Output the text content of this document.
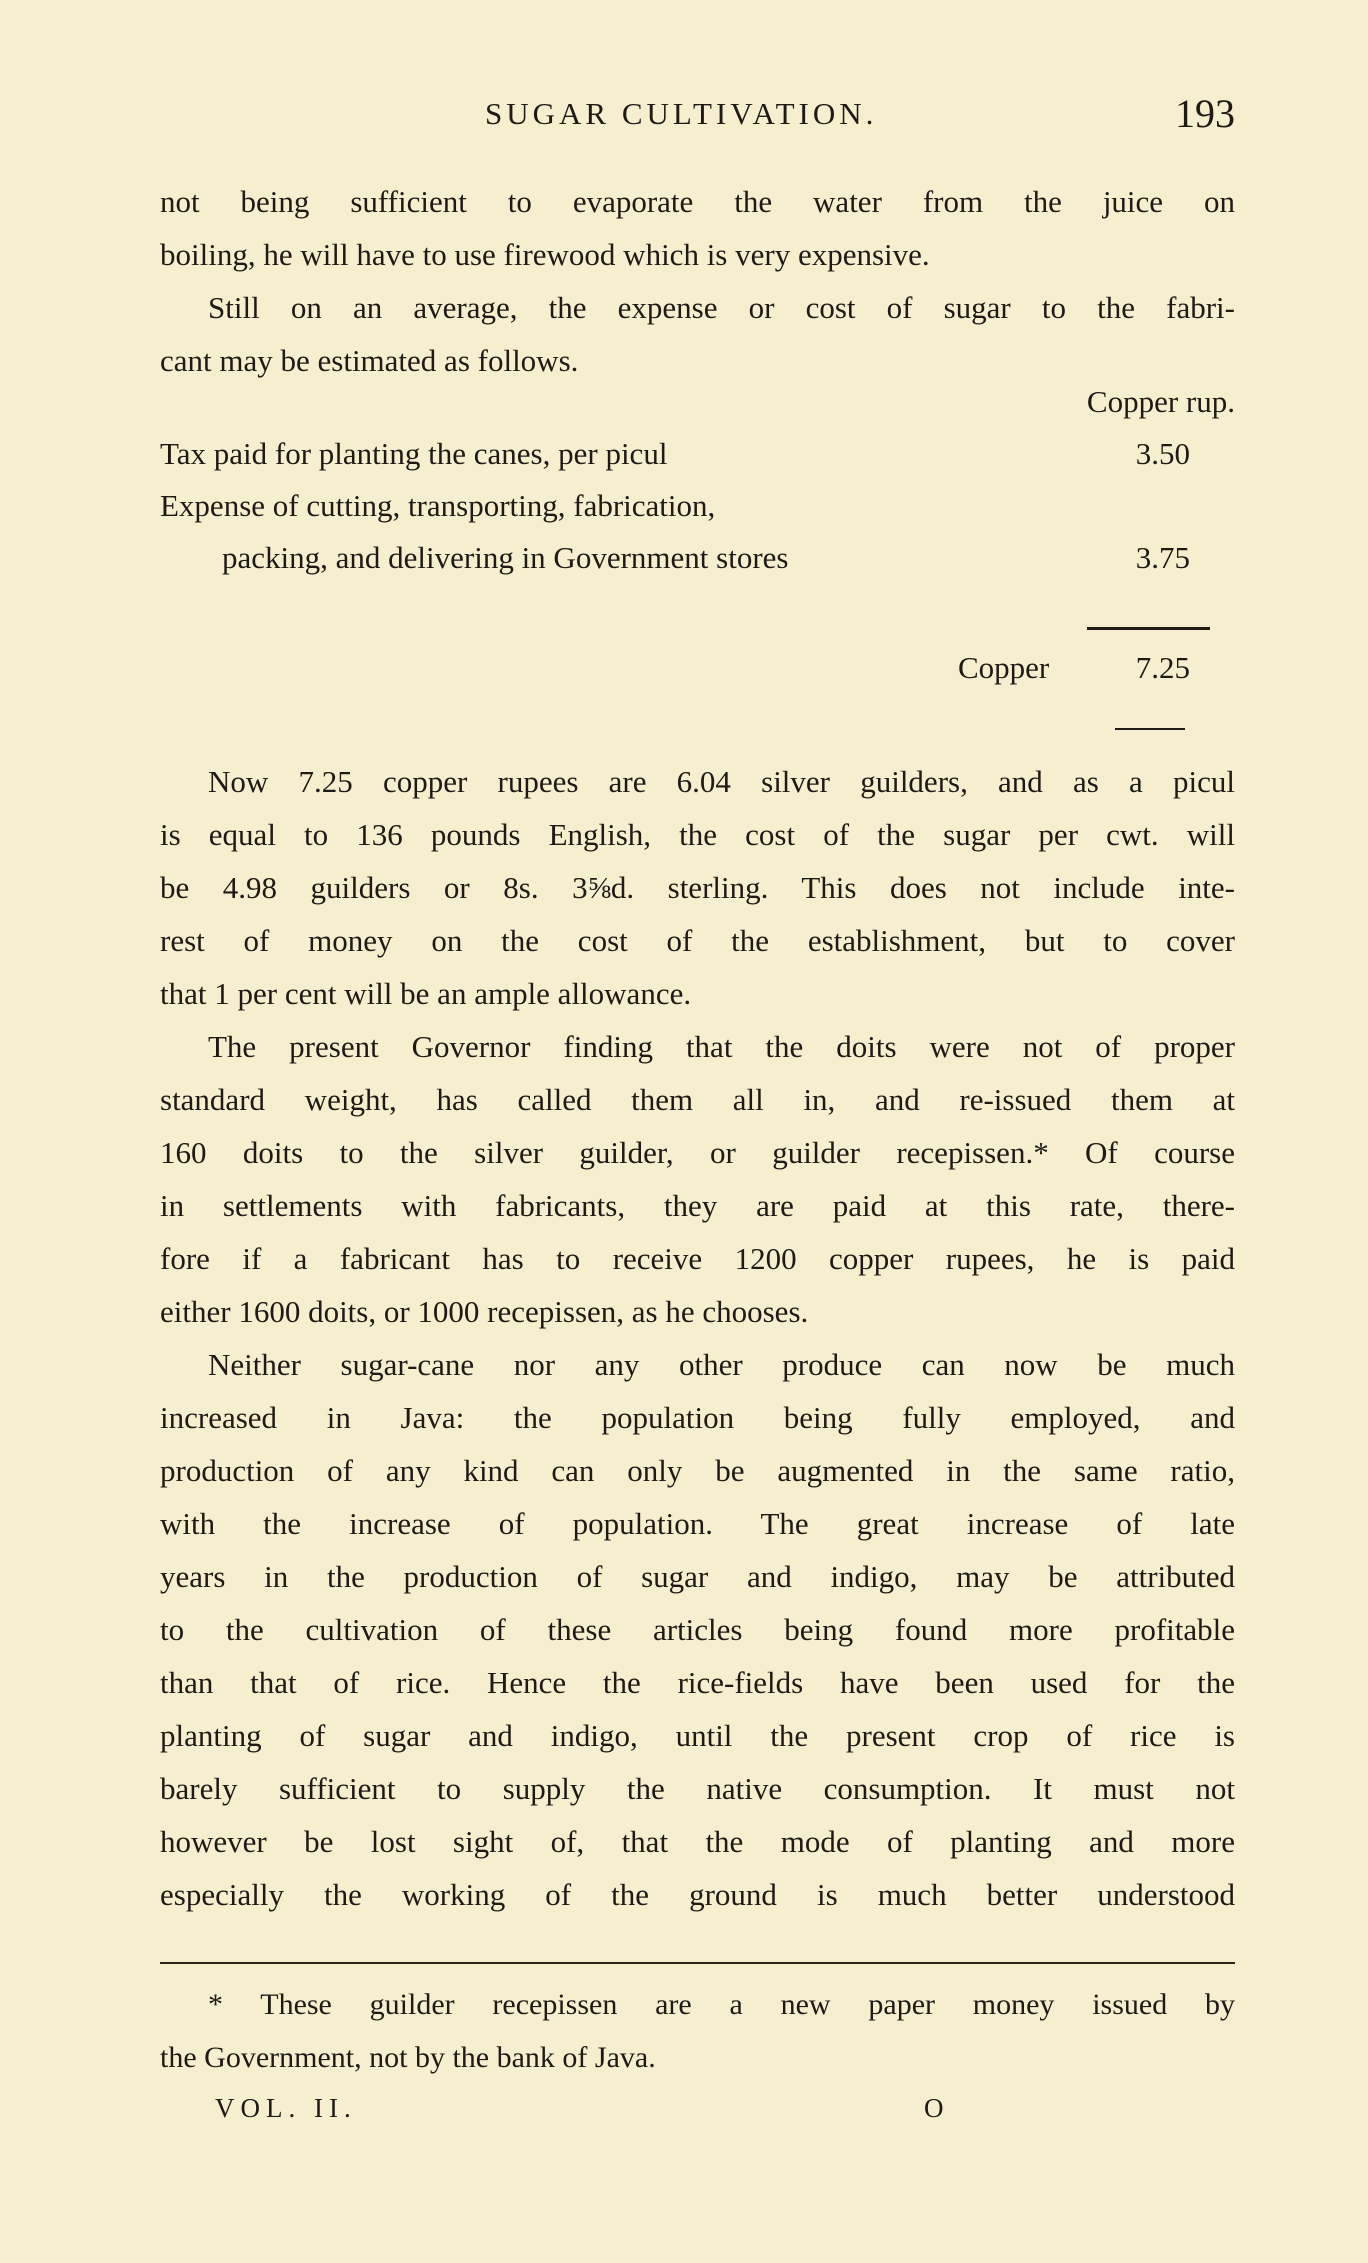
SUGAR CULTIVATION.	193
not being sufficient to evaporate the water from the juice on
boiling, he will have to use firewood which is very expensive.
Still on an average, the expense or cost of sugar to the fabri-
cant may be estimated as follows.
Copper rup.
Tax paid for planting the canes, per picul	3.50
Expense of cutting, transporting, fabrication,
packing, and delivering in Government stores	3.75
Copper	7.25
Now 7.25 copper rupees are 6.04 silver guilders, and as a picul
is equal to 136 pounds English, the cost of the sugar per cwt. will
be 4.98 guilders or 8s. 3⅝d. sterling. This does not include inte-
rest of money on the cost of the establishment, but to cover
that 1 per cent will be an ample allowance.
The present Governor finding that the doits were not of proper
standard weight, has called them all in, and re-issued them at
160 doits to the silver guilder, or guilder recepissen.* Of course
in settlements with fabricants, they are paid at this rate, there-
fore if a fabricant has to receive 1200 copper rupees, he is paid
either 1600 doits, or 1000 recepissen, as he chooses.
Neither sugar-cane nor any other produce can now be much
increased in Java: the population being fully employed, and
production of any kind can only be augmented in the same ratio,
with the increase of population. The great increase of late
years in the production of sugar and indigo, may be attributed
to the cultivation of these articles being found more profitable
than that of rice. Hence the rice-fields have been used for the
planting of sugar and indigo, until the present crop of rice is
barely sufficient to supply the native consumption. It must not
however be lost sight of, that the mode of planting and more
especially the working of the ground is much better understood
* These guilder recepissen are a new paper money issued by
the Government, not by the bank of Java.
VOL. II.	O
